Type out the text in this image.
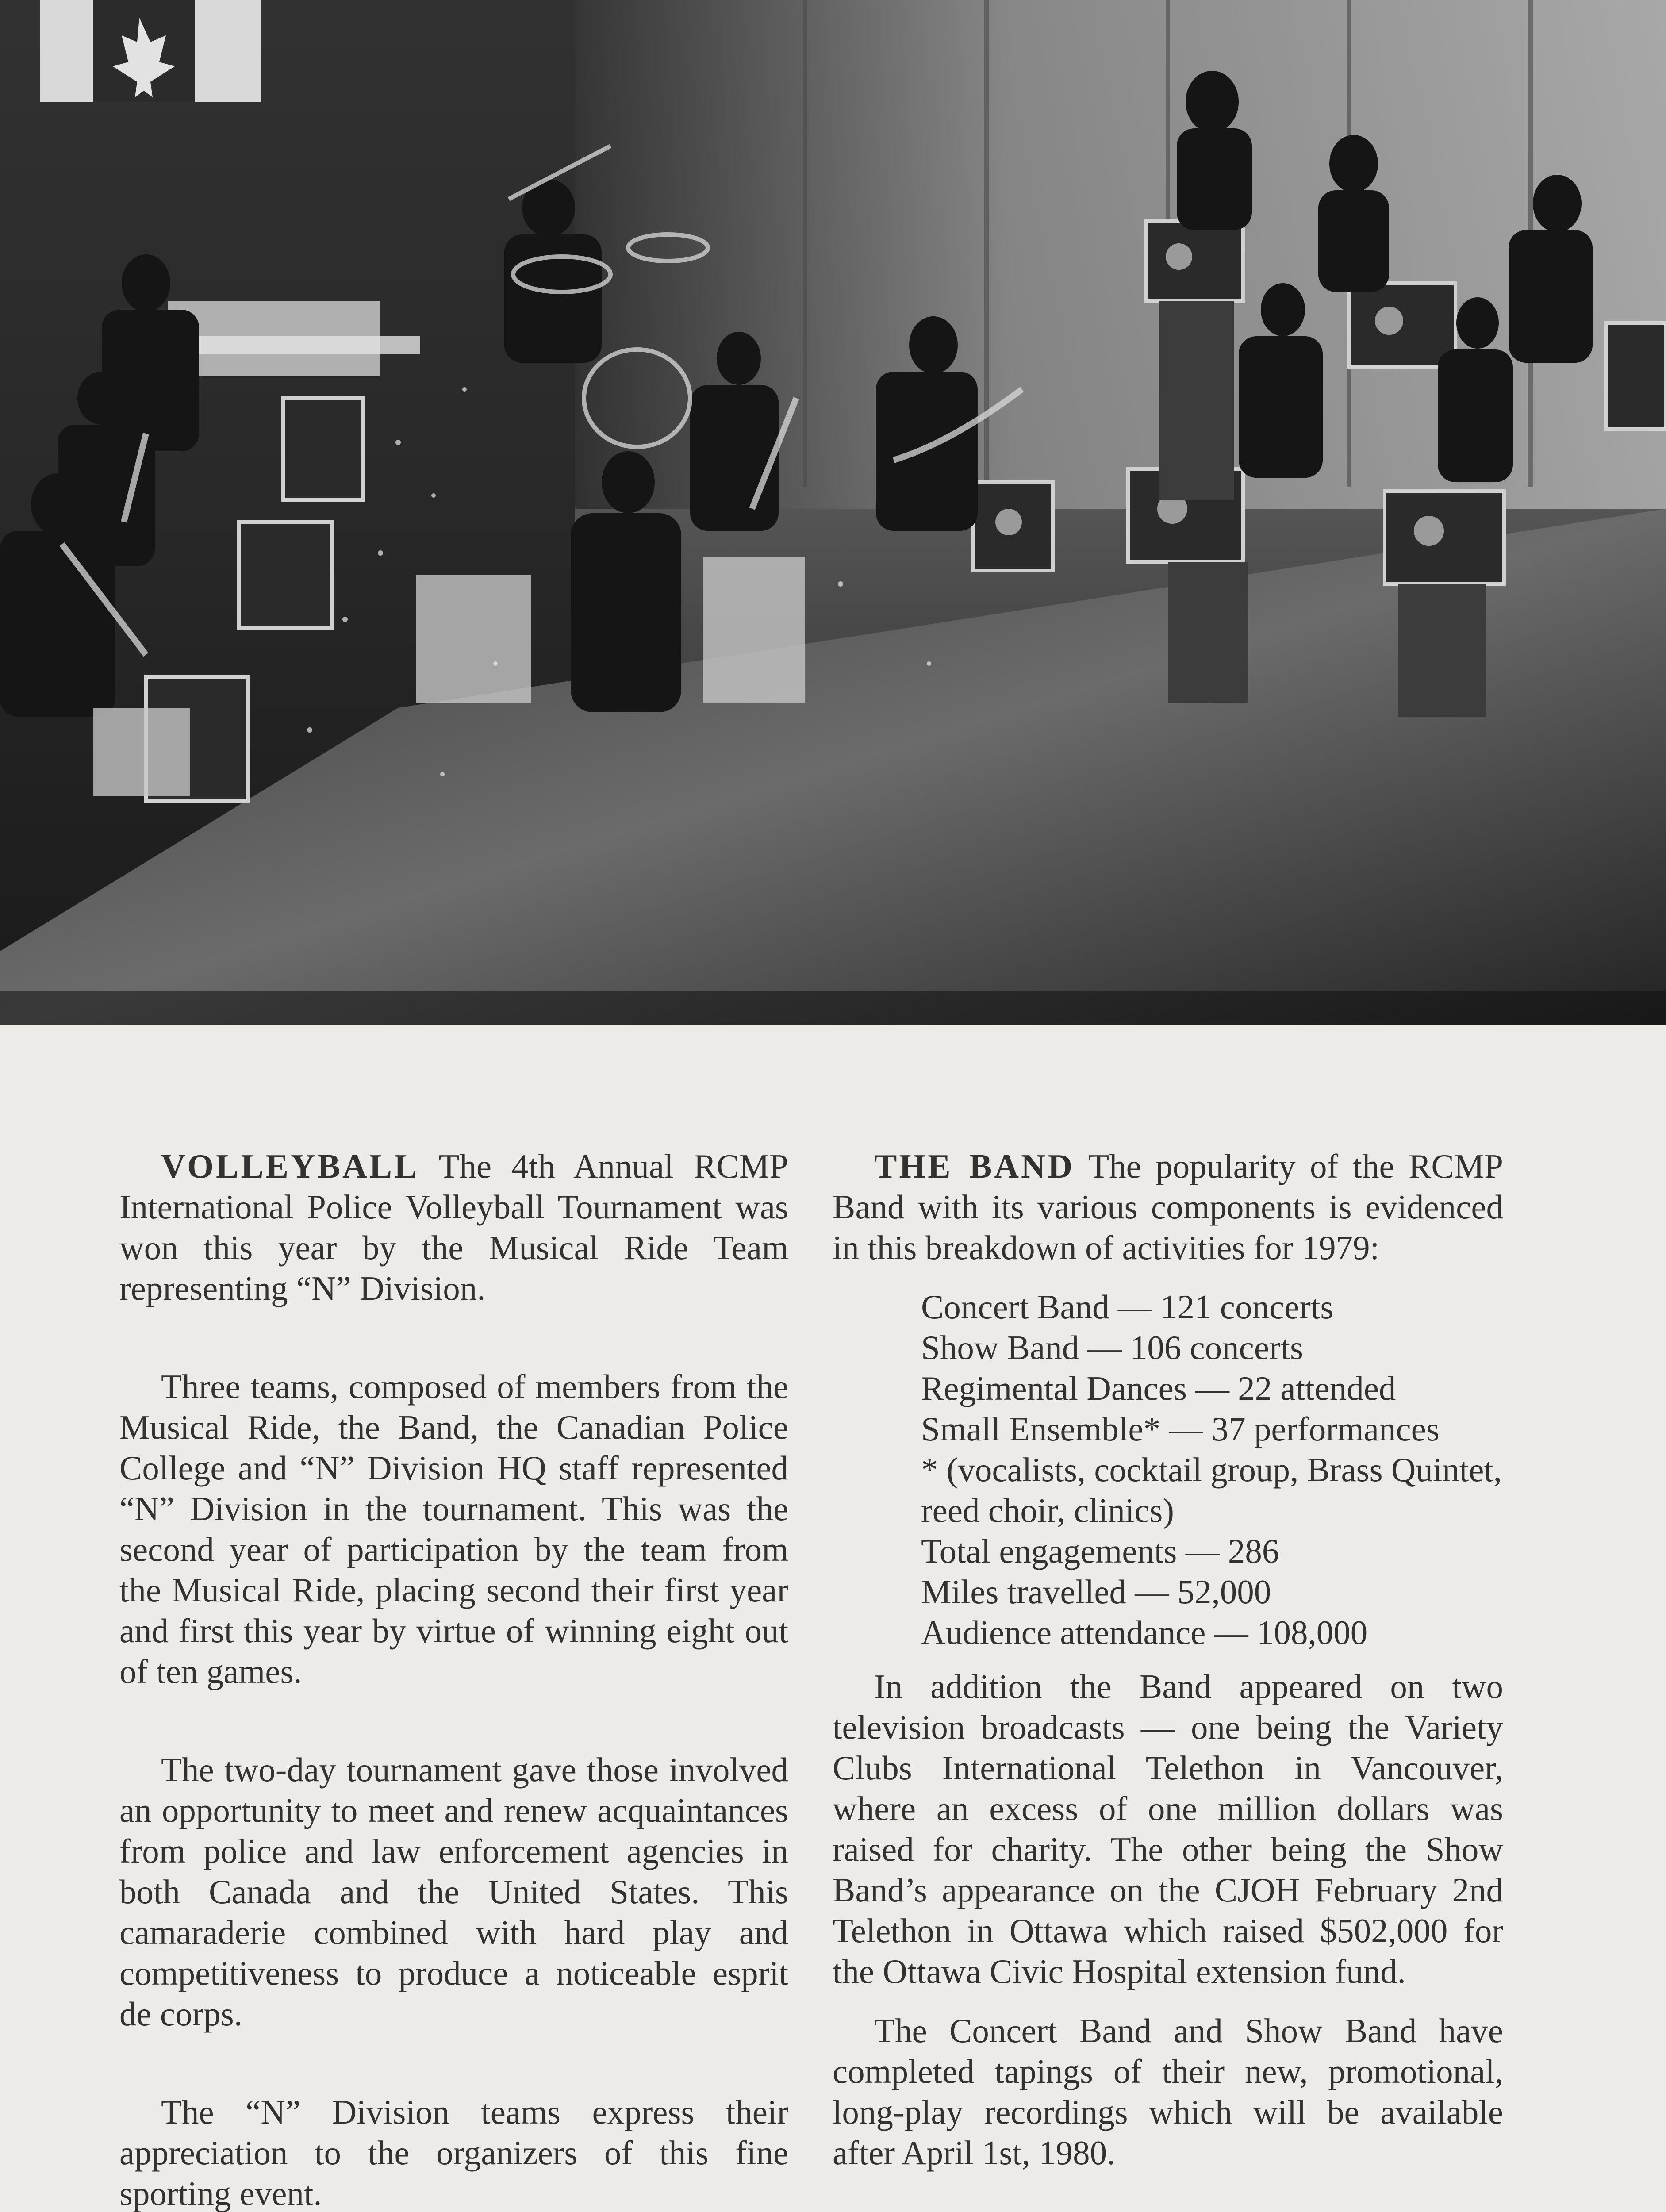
VOLLEYBALL The 4th Annual RCMP International Police Volleyball Tournament was won this year by the Musical Ride Team representing “N” Division.

Three teams, composed of members from the Musical Ride, the Band, the Canadian Police College and “N” Division HQ staff represented “N” Division in the tournament. This was the second year of participation by the team from the Musical Ride, placing second their first year and first this year by virtue of winning eight out of ten games.

The two-day tournament gave those involved an opportunity to meet and renew acquaintances from police and law enforcement agencies in both Canada and the United States. This camaraderie combined with hard play and competitiveness to produce a noticeable esprit de corps.

The “N” Division teams express their appreciation to the organizers of this fine sporting event.

THE BAND The popularity of the RCMP Band with its various components is evidenced in this breakdown of activities for 1979:

Concert Band — 121 concerts
Show Band — 106 concerts
Regimental Dances — 22 attended
Small Ensemble* — 37 performances
* (vocalists, cocktail group, Brass Quintet, reed choir, clinics)
Total engagements — 286
Miles travelled — 52,000
Audience attendance — 108,000

In addition the Band appeared on two television broadcasts — one being the Variety Clubs International Telethon in Vancouver, where an excess of one million dollars was raised for charity. The other being the Show Band’s appearance on the CJOH February 2nd Telethon in Ottawa which raised $502,000 for the Ottawa Civic Hospital extension fund.

The Concert Band and Show Band have completed tapings of their new, promotional, long-play recordings which will be available after April 1st, 1980.
